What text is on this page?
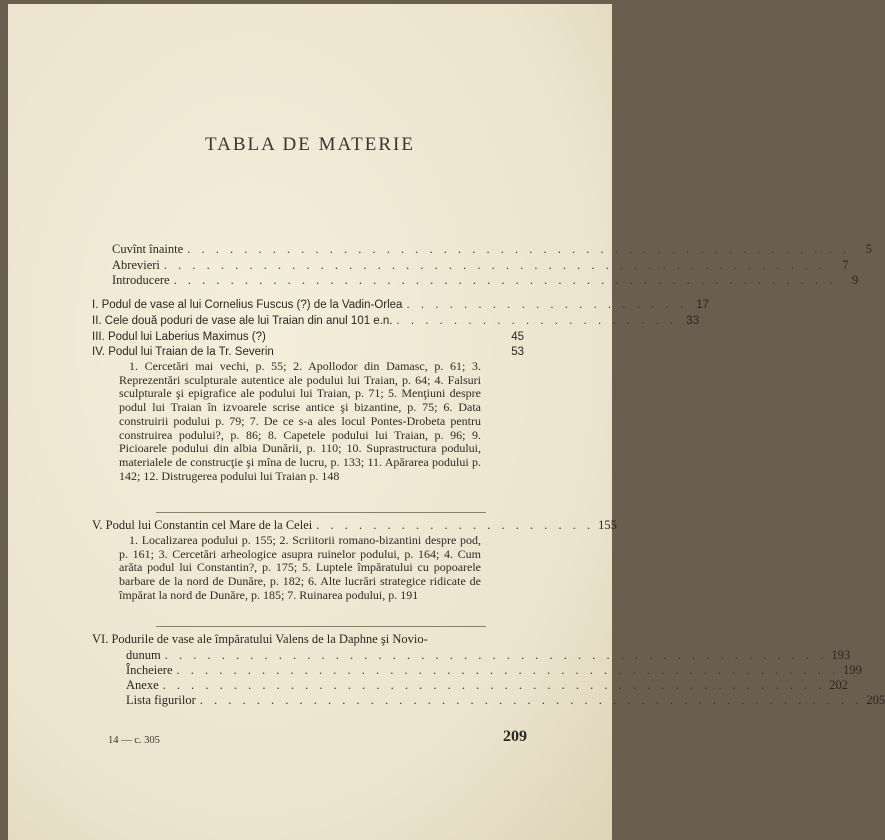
TABLA DE MATERIE
Cuvînt înainte . . . . . . . . . . . . . . . . . . . . . . . . . . . . . . . . . . . . . . . . . . . . . . .	5
Abrevieri . . . . . . . . . . . . . . . . . . . . . . . . . . . . . . . . . . . . . . . . . . . . . . .	7
Introducere . . . . . . . . . . . . . . . . . . . . . . . . . . . . . . . . . . . . . . . . . . . . . . .	9
I. Podul de vase al lui Cornelius Fuscus (?) de la Vadin-Orlea . . . . . . . . . . . . . . . . . . . . 17
II. Cele două poduri de vase ale lui Traian din anul 101 e.n. . . . . . . . . . . . . . . . . . . . . 33
III. Podul lui Laberius Maximus (?)	45
IV. Podul lui Traian de la Tr. Severin	53
1. Cercetări mai vechi, p. 55; 2. Apollodor din Damasc, p. 61; 3. Reprezentări sculpturale autentice ale podului lui Traian, p. 64; 4. Falsuri sculpturale şi epigrafice ale podului lui Traian, p. 71; 5. Menţiuni despre podul lui Traian în izvoarele scrise antice şi bizantine, p. 75; 6. Data construirii podului p. 79; 7. De ce s-a ales locul Pontes-Drobeta pentru construirea podului?, p. 86; 8. Capetele podului lui Traian, p. 96; 9. Picioarele podului din albia Dunării, p. 110; 10. Suprastructura podului, materialele de construcţie şi mîna de lucru, p. 133; 11. Apărarea podului p. 142; 12. Distrugerea podului lui Traian p. 148
V. Podul lui Constantin cel Mare de la Celei . . . . . . . . . . . . . . . . . . . . 155
1. Localizarea podului p. 155; 2. Scriitorii romano-bizantini despre pod, p. 161; 3. Cercetări arheologice asupra ruinelor podului, p. 164; 4. Cum arăta podul lui Constantin?, p. 175; 5. Luptele împăratului cu popoarele barbare de la nord de Dunăre, p. 182; 6. Alte lucrări strategice ridicate de împărat la nord de Dunăre, p. 185; 7. Ruinarea podului, p. 191
VI. Podurile de vase ale împăratului Valens de la Daphne şi Novio-
dunum . . . . . . . . . . . . . . . . . . . . . . . . . . . . . . . . . . . . . . . . . . . . . . . 193
Încheiere . . . . . . . . . . . . . . . . . . . . . . . . . . . . . . . . . . . . . . . . . . . . . . . 199
Anexe . . . . . . . . . . . . . . . . . . . . . . . . . . . . . . . . . . . . . . . . . . . . . . . 202
Lista figurilor . . . . . . . . . . . . . . . . . . . . . . . . . . . . . . . . . . . . . . . . . . . . . . . 205
14 — c. 305	209
